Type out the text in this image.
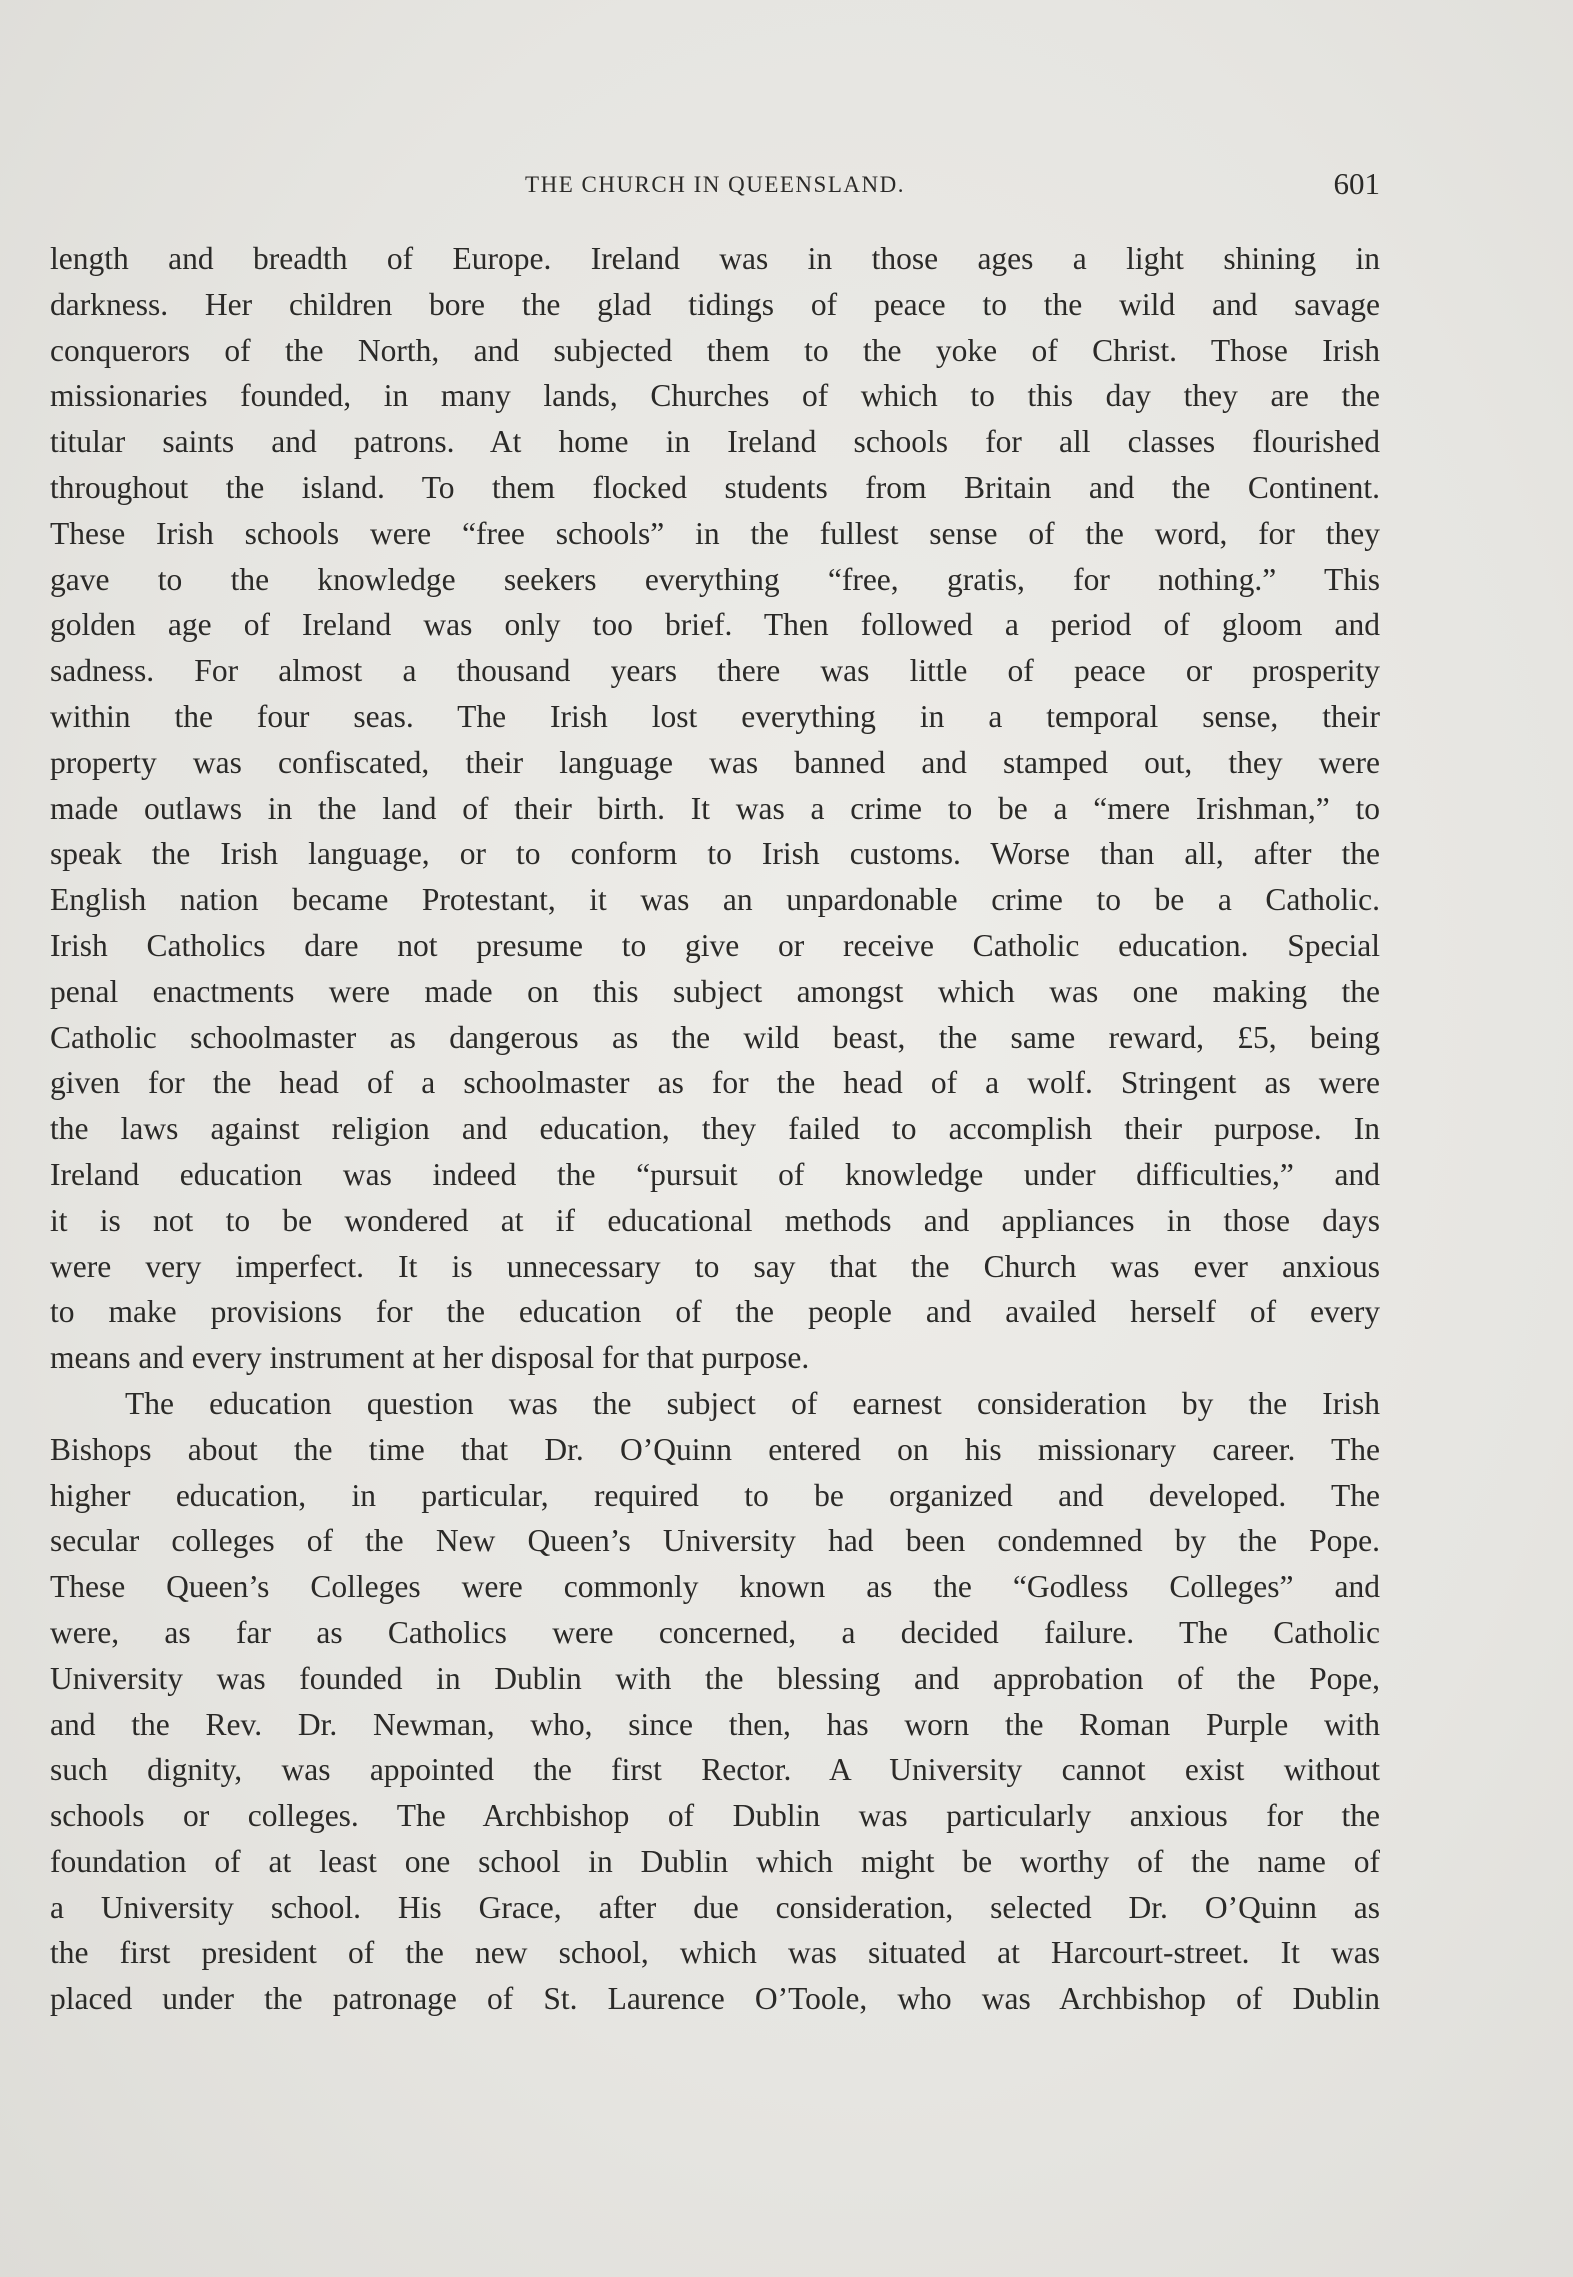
THE CHURCH IN QUEENSLAND.	601
length and breadth of Europe. Ireland was in those ages a light shining in
darkness. Her children bore the glad tidings of peace to the wild and savage
conquerors of the North, and subjected them to the yoke of Christ. Those Irish
missionaries founded, in many lands, Churches of which to this day they are the
titular saints and patrons. At home in Ireland schools for all classes flourished
throughout the island. To them flocked students from Britain and the Continent.
These Irish schools were “free schools” in the fullest sense of the word, for they
gave to the knowledge seekers everything “free, gratis, for nothing.” This
golden age of Ireland was only too brief. Then followed a period of gloom and
sadness. For almost a thousand years there was little of peace or prosperity
within the four seas. The Irish lost everything in a temporal sense, their
property was confiscated, their language was banned and stamped out, they were
made outlaws in the land of their birth. It was a crime to be a “mere Irishman,” to
speak the Irish language, or to conform to Irish customs. Worse than all, after the
English nation became Protestant, it was an unpardonable crime to be a Catholic.
Irish Catholics dare not presume to give or receive Catholic education. Special
penal enactments were made on this subject amongst which was one making the
Catholic schoolmaster as dangerous as the wild beast, the same reward, £5, being
given for the head of a schoolmaster as for the head of a wolf. Stringent as were
the laws against religion and education, they failed to accomplish their purpose. In
Ireland education was indeed the “pursuit of knowledge under difficulties,” and
it is not to be wondered at if educational methods and appliances in those days
were very imperfect. It is unnecessary to say that the Church was ever anxious
to make provisions for the education of the people and availed herself of every
means and every instrument at her disposal for that purpose.
The education question was the subject of earnest consideration by the Irish
Bishops about the time that Dr. O’Quinn entered on his missionary career. The
higher education, in particular, required to be organized and developed. The
secular colleges of the New Queen’s University had been condemned by the Pope.
These Queen’s Colleges were commonly known as the “Godless Colleges” and
were, as far as Catholics were concerned, a decided failure. The Catholic
University was founded in Dublin with the blessing and approbation of the Pope,
and the Rev. Dr. Newman, who, since then, has worn the Roman Purple with
such dignity, was appointed the first Rector. A University cannot exist without
schools or colleges. The Archbishop of Dublin was particularly anxious for the
foundation of at least one school in Dublin which might be worthy of the name of
a University school. His Grace, after due consideration, selected Dr. O’Quinn as
the first president of the new school, which was situated at Harcourt-street. It was
placed under the patronage of St. Laurence O’Toole, who was Archbishop of Dublin
